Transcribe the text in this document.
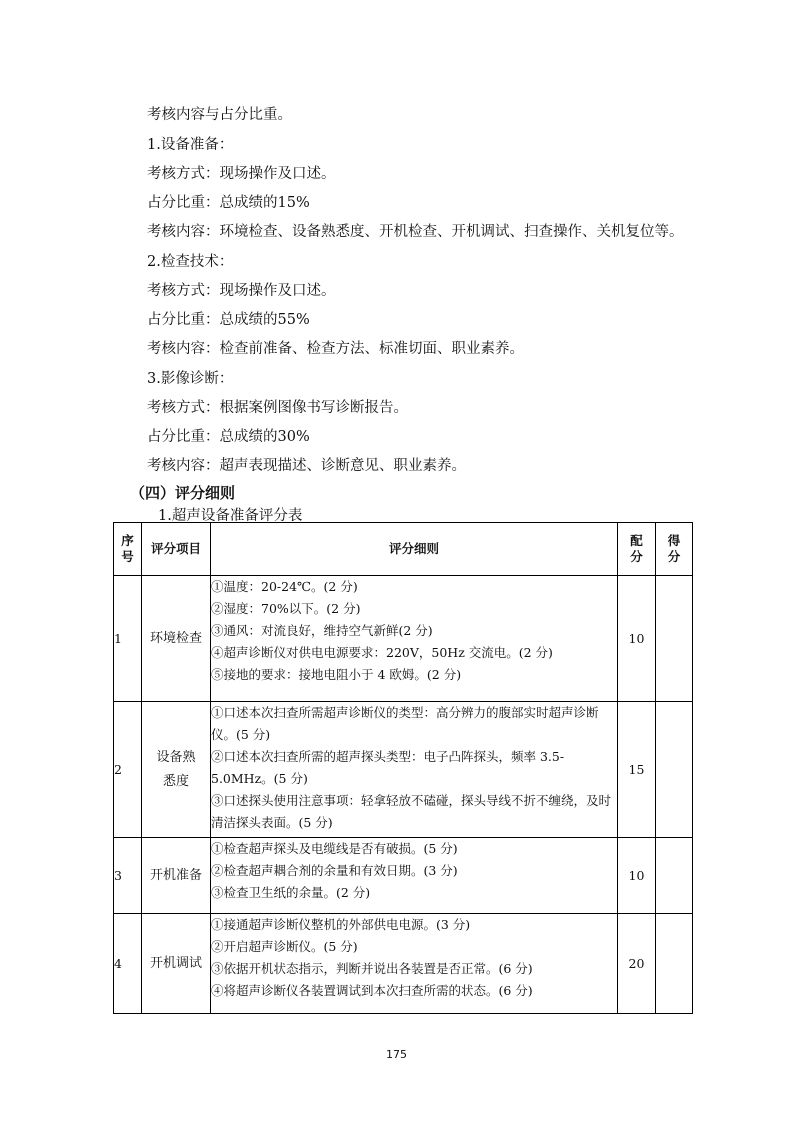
考核内容与占分比重。
1.设备准备：
考核方式：现场操作及口述。
占分比重：总成绩的15%
考核内容：环境检查、设备熟悉度、开机检查、开机调试、扫查操作、关机复位等。
2.检查技术：
考核方式：现场操作及口述。
占分比重：总成绩的55%
考核内容：检查前准备、检查方法、标准切面、职业素养。
3.影像诊断：
考核方式：根据案例图像书写诊断报告。
占分比重：总成绩的30%
考核内容：超声表现描述、诊断意见、职业素养。
（四）评分细则
1.超声设备准备评分表
序号	评分项目	评分细则	配分	得分
1	环境检查	①温度：20-24℃。(2 分)
②湿度：70%以下。(2 分)
③通风：对流良好，维持空气新鲜(2 分)
④超声诊断仪对供电电源要求：220V，50Hz 交流电。(2 分)
⑤接地的要求：接地电阻小于 4 欧姆。(2 分)	10	
2	设备熟悉度	①口述本次扫查所需超声诊断仪的类型：高分辨力的腹部实时超声诊断仪。(5 分)
②口述本次扫查所需的超声探头类型：电子凸阵探头，频率 3.5-5.0MHz。(5 分)
③口述探头使用注意事项：轻拿轻放不磕碰，探头导线不折不缠绕，及时清洁探头表面。(5 分)	15	
3	开机准备	①检查超声探头及电缆线是否有破损。(5 分)
②检查超声耦合剂的余量和有效日期。(3 分)
③检查卫生纸的余量。(2 分)	10	
4	开机调试	①接通超声诊断仪整机的外部供电电源。(3 分)
②开启超声诊断仪。(5 分)
③依据开机状态指示，判断并说出各装置是否正常。(6 分)
④将超声诊断仪各装置调试到本次扫查所需的状态。(6 分)	20	
175
